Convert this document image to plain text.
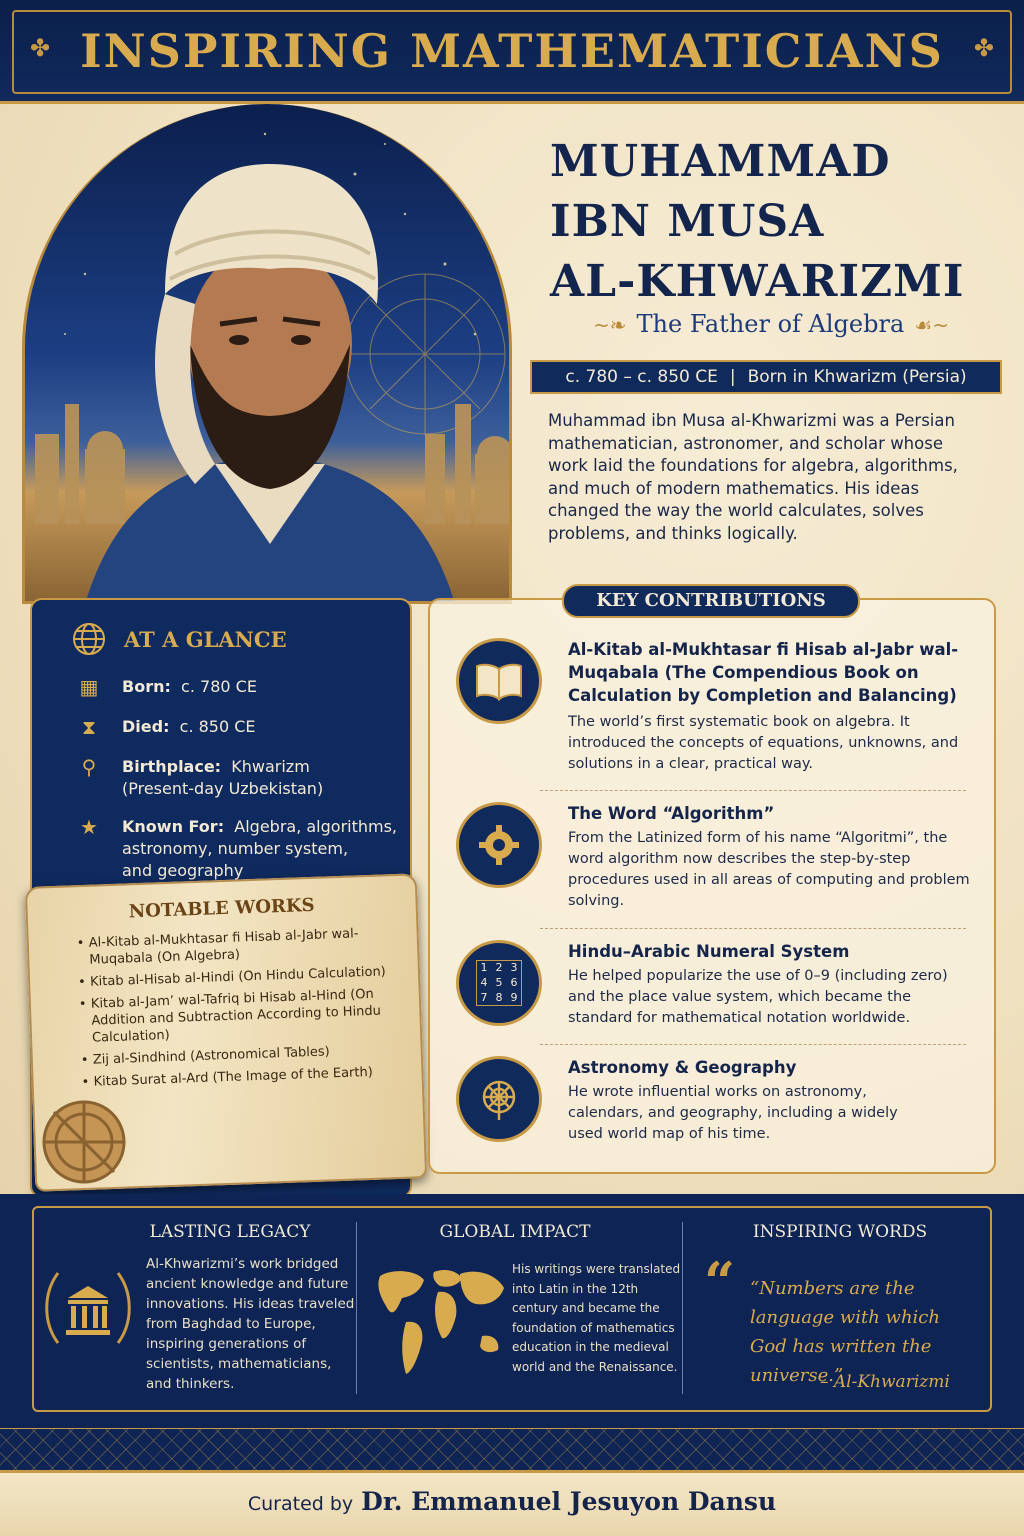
✤	✤
INSPIRING MATHEMATICIANS
MUHAMMAD
IBN MUSA
AL-KHWARIZMI
~❧ The Father of Algebra ☙~
c. 780 – c. 850 CE | Born in Khwarizm (Persia)
Muhammad ibn Musa al-Khwarizmi was a Persian mathematician, astronomer, and scholar whose work laid the foundations for algebra, algorithms, and much of modern mathematics. His ideas changed the way the world calculates, solves problems, and thinks logically.
AT A GLANCE
▦ Born: c. 780 CE
⧗	Died: c. 850 CE
⚲	Birthplace: Khwarizm
(Present-day Uzbekistan)
★ Known For: Algebra, algorithms,
astronomy, number system,
and geography
NOTABLE WORKS
• Al-Kitab al-Mukhtasar fi Hisab al-Jabr wal-Muqabala (On Algebra)
• Kitab al-Hisab al-Hindi (On Hindu Calculation)
• Kitab al-Jam’ wal-Tafriq bi Hisab al-Hind (On Addition and Subtraction According to Hindu Calculation)
• Zij al-Sindhind (Astronomical Tables)
• Kitab Surat al-Ard (The Image of the Earth)
KEY CONTRIBUTIONS
Al-Kitab al-Mukhtasar fi Hisab al-Jabr wal-Muqabala (The Compendious Book on Calculation by Completion and Balancing)
The world’s first systematic book on algebra. It introduced the concepts of equations, unknowns, and solutions in a clear, practical way.
The Word “Algorithm”
From the Latinized form of his name “Algoritmi”, the word algorithm now describes the step-by-step procedures used in all areas of computing and problem solving.
1 2 3
4 5 6
7 8 9
Hindu–Arabic Numeral System
He helped popularize the use of 0–9 (including zero) and the place value system, which became the standard for mathematical notation worldwide.
Astronomy & Geography
He wrote influential works on astronomy, calendars, and geography, including a widely used world map of his time.
LASTING LEGACY
Al-Khwarizmi’s work bridged ancient knowledge and future innovations. His ideas traveled from Baghdad to Europe, inspiring generations of scientists, mathematicians, and thinkers.
GLOBAL IMPACT
His writings were translated into Latin in the 12th century and became the foundation of mathematics education in the medieval world and the Renaissance.
INSPIRING WORDS
“ “Numbers are the language with which God has written the universe.”
– Al-Khwarizmi
Curated by Dr. Emmanuel Jesuyon Dansu
